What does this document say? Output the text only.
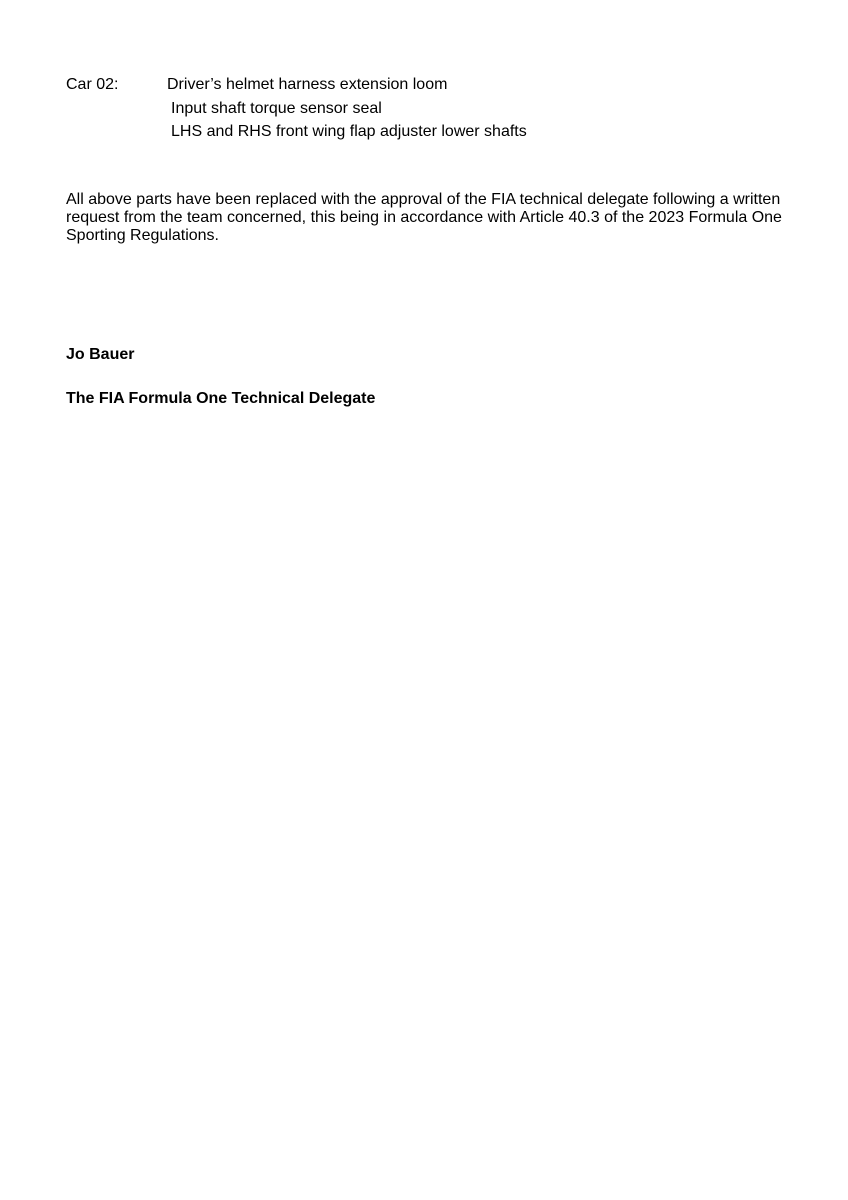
Car 02:	Driver’s helmet harness extension loom
Input shaft torque sensor seal
LHS and RHS front wing flap adjuster lower shafts

All above parts have been replaced with the approval of the FIA technical delegate following a written request from the team concerned, this being in accordance with Article 40.3 of the 2023 Formula One Sporting Regulations.

Jo Bauer

The FIA Formula One Technical Delegate
